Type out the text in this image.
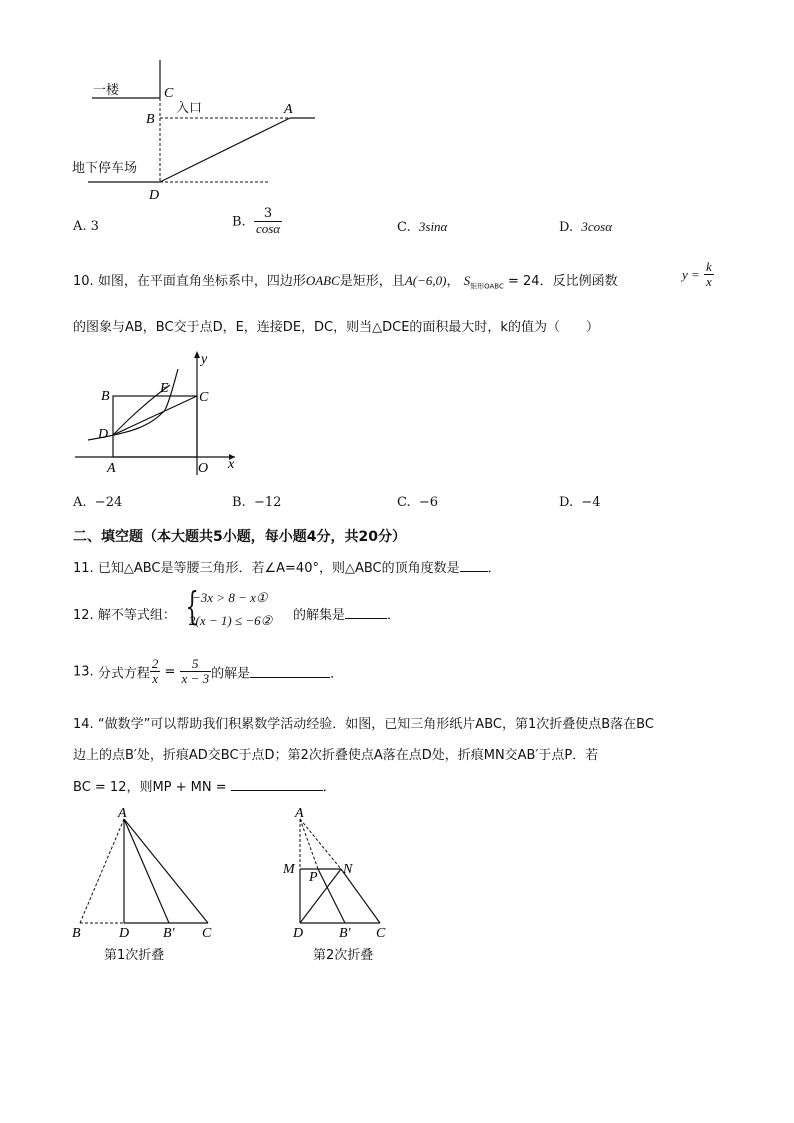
C
B
A
D
一楼
入口
地下停车场
A. 3	B. $\frac{3}{\cos\alpha}$	C. 3sinα	D. 3cosα
10. 如图，在平面直角坐标系中，四边形OABC是矩形，且A(−6,0)， $S_{矩形OABC} = 24$．反比例函数	$y = \frac{k}{x}$
的图象与AB，BC交于点D，E，连接DE，DC，则当△DCE的面积最大时，k的值为（　　）
y
B
E
C
D
A	O x
A. −24	B. −12	C. −6	D. −4
二、填空题（本大题共5小题，每小题4分，共20分）
11. 已知△ABC是等腰三角形．若∠A=40°，则△ABC的顶角度数是 ．
12. 解不等式组： {
−3x > 8 − x①
2(x − 1) ≤ −6② 的解集是	．
13. 分式方程 $\frac{2}{x} = \frac{5}{x - 3}$ 的解是	．
14. “做数学”可以帮助我们积累数学活动经验．如图，已知三角形纸片ABC，第1次折叠使点B落在BC
边上的点B′处，折痕AD交BC于点D；第2次折叠使点A落在点D处，折痕MN交AB′于点P．若
BC = 12，则MP + MN =	．
A
B	D B′ C
第1次折叠
A
M	N
P
D	B′ C
第2次折叠
